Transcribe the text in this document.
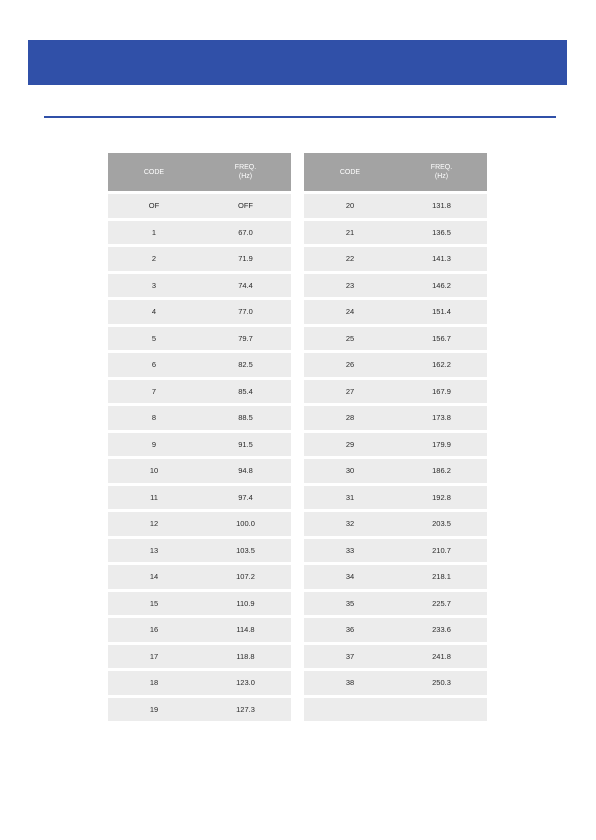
CODE	FREQ.
(Hz)

OF	OFF
1	67.0
2	71.9
3	74.4
4	77.0
5	79.7
6	82.5
7	85.4
8	88.5
9	91.5
10	94.8
11	97.4
12	100.0
13	103.5
14	107.2
15	110.9
16	114.8
17	118.8
18	123.0
19	127.3
CODE	FREQ.
(Hz)

20	131.8
21	136.5
22	141.3
23	146.2
24	151.4
25	156.7
26	162.2
27	167.9
28	173.8
29	179.9
30	186.2
31	192.8
32	203.5
33	210.7
34	218.1
35	225.7
36	233.6
37	241.8
38	250.3
